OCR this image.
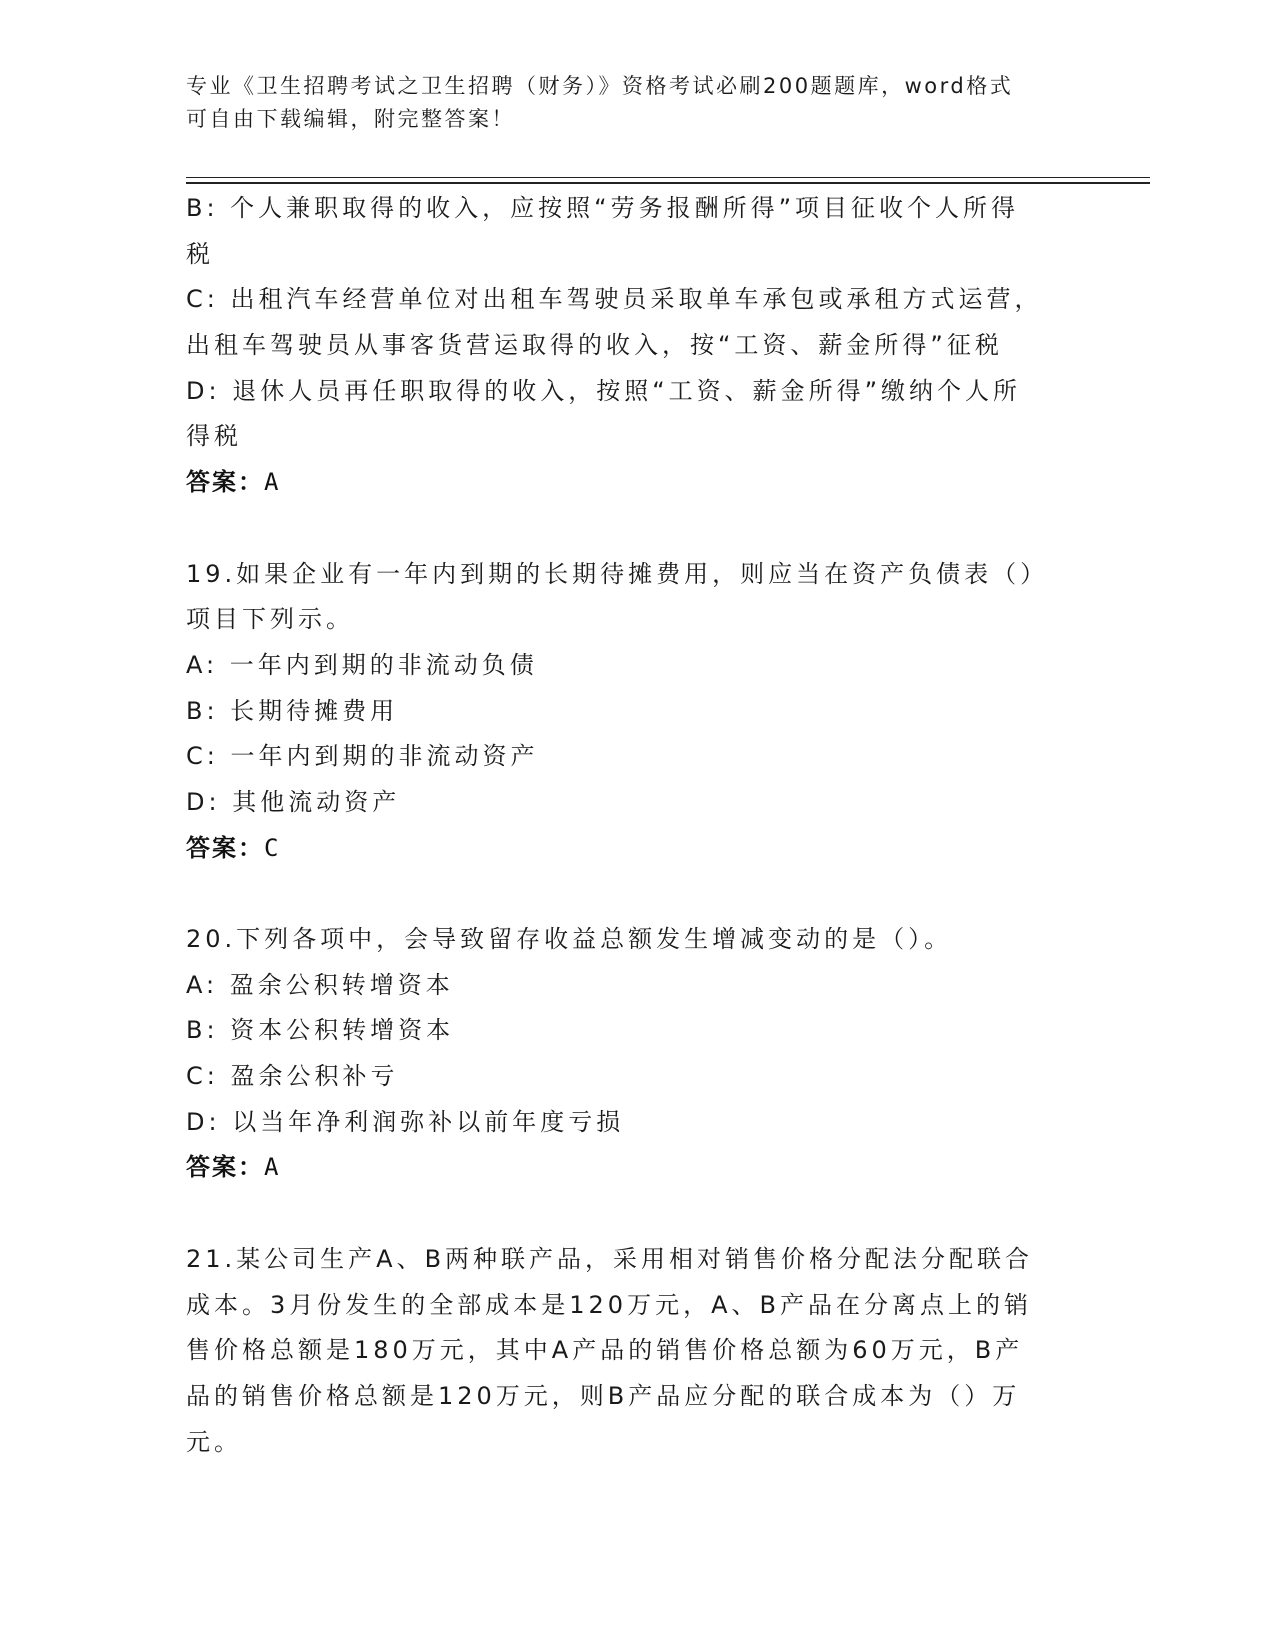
专业《卫生招聘考试之卫生招聘（财务）》资格考试必刷200题题库，word格式
可自由下载编辑，附完整答案！
B: 个人兼职取得的收入，应按照“劳务报酬所得”项目征收个人所得
税
C: 出租汽车经营单位对出租车驾驶员采取单车承包或承租方式运营，
出租车驾驶员从事客货营运取得的收入，按“工资、薪金所得”征税
D: 退休人员再任职取得的收入，按照“工资、薪金所得”缴纳个人所
得税
答案：A
19.如果企业有一年内到期的长期待摊费用，则应当在资产负债表（）
项目下列示。
A: 一年内到期的非流动负债
B: 长期待摊费用
C: 一年内到期的非流动资产
D: 其他流动资产
答案：C
20.下列各项中，会导致留存收益总额发生增减变动的是（）。
A: 盈余公积转增资本
B: 资本公积转增资本
C: 盈余公积补亏
D: 以当年净利润弥补以前年度亏损
答案：A
21.某公司生产A、B两种联产品，采用相对销售价格分配法分配联合
成本。3月份发生的全部成本是120万元，A、B产品在分离点上的销
售价格总额是180万元，其中A产品的销售价格总额为60万元，B产
品的销售价格总额是120万元，则B产品应分配的联合成本为（）万
元。
